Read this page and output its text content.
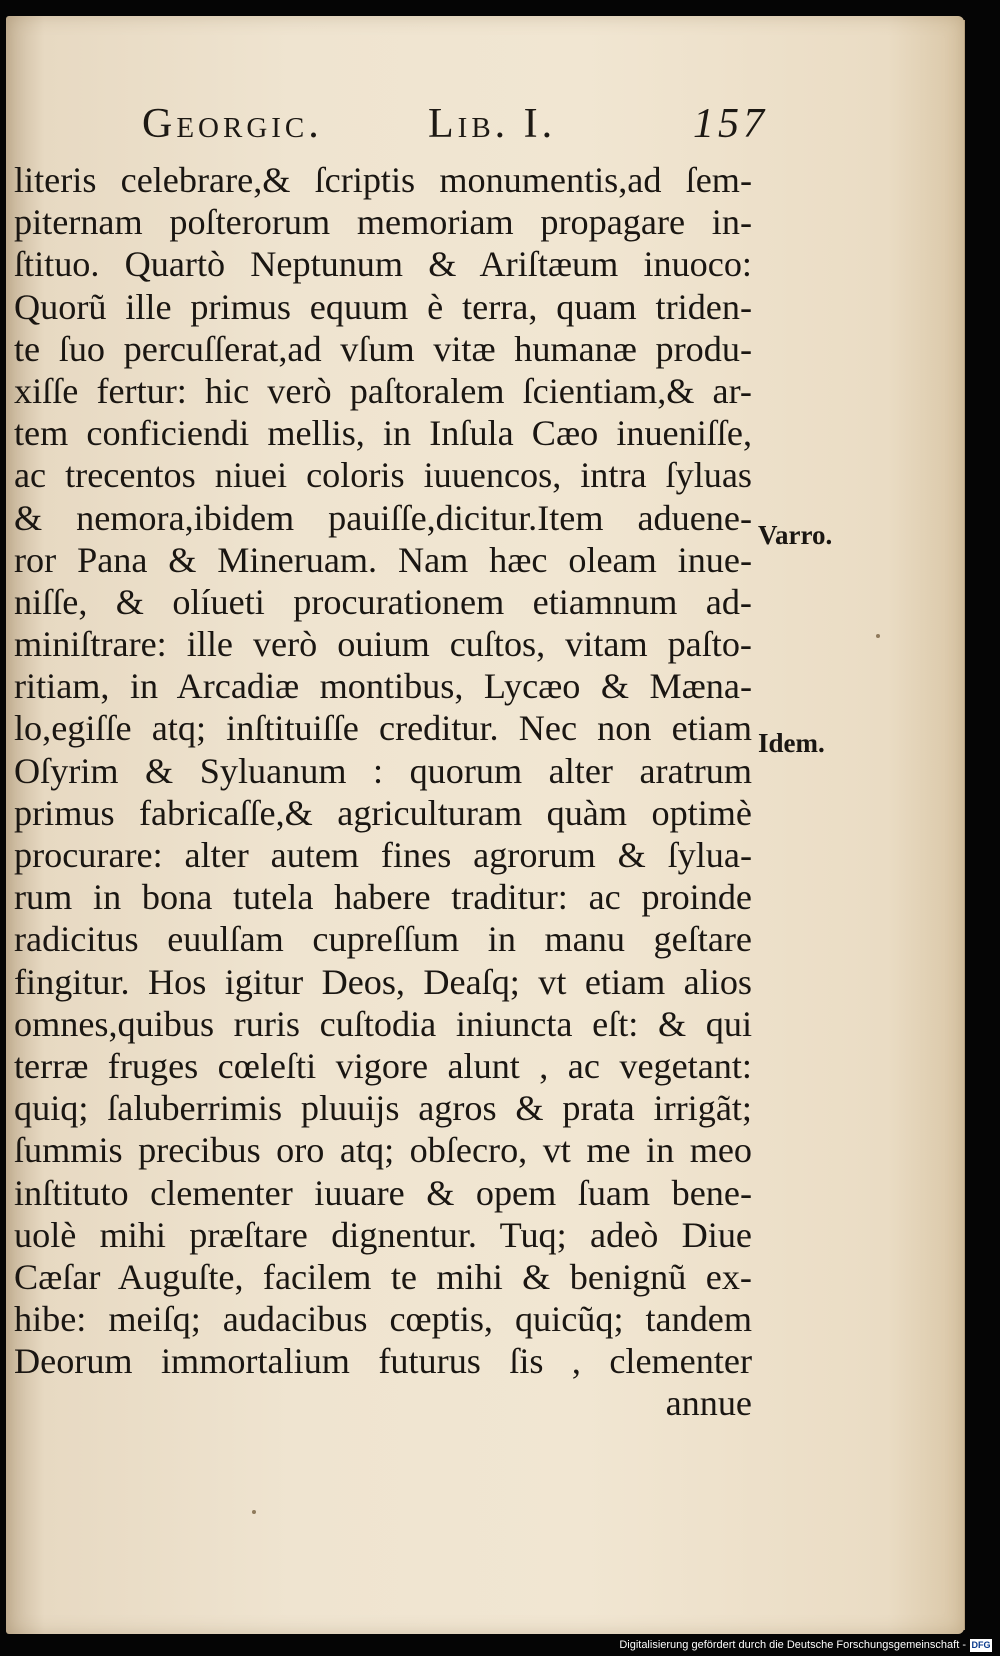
Georgic.	Lib. I.	157
literis celebrare,& ſcriptis monumentis,ad ſem-
piternam poſterorum memoriam propagare in-
ſtituo. Quartò Neptunum & Ariſtæum inuoco:
Quorũ ille primus equum è terra, quam triden-
te ſuo percuſſerat,ad vſum vitæ humanæ produ-
xiſſe fertur: hic verò paſtoralem ſcientiam,& ar-
tem conficiendi mellis, in Inſula Cæo inueniſſe,
ac trecentos niuei coloris iuuencos, intra ſyluas
& nemora,ibidem pauiſſe,dicitur.Item aduene-
ror Pana & Mineruam. Nam hæc oleam inue-
niſſe, & olíueti procurationem etiamnum ad-
miniſtrare: ille verò ouium cuſtos, vitam paſto-
ritiam, in Arcadiæ montibus, Lycæo & Mæna-
lo,egiſſe atq; inſtituiſſe creditur. Nec non etiam
Oſyrim & Syluanum : quorum alter aratrum
primus fabricaſſe,& agriculturam quàm optimè
procurare: alter autem fines agrorum & ſylua-
rum in bona tutela habere traditur: ac proinde
radicitus euulſam cupreſſum in manu geſtare
fingitur. Hos igitur Deos, Deaſq; vt etiam alios
omnes,quibus ruris cuſtodia iniuncta eſt: & qui
terræ fruges cœleſti vigore alunt , ac vegetant:
quiq; ſaluberrimis pluuijs agros & prata irrigãt;
ſummis precibus oro atq; obſecro, vt me in meo
inſtituto clementer iuuare & opem ſuam bene-
uolè mihi præſtare dignentur. Tuq; adeò Diue
Cæſar Auguſte, facilem te mihi & benignũ ex-
hibe: meiſq; audacibus cœptis, quicũq; tandem
Deorum immortalium futurus ſis , clementer
annue
Varro.
Idem.
Digitalisierung gefördert durch die Deutsche Forschungsgemeinschaft - DFG
